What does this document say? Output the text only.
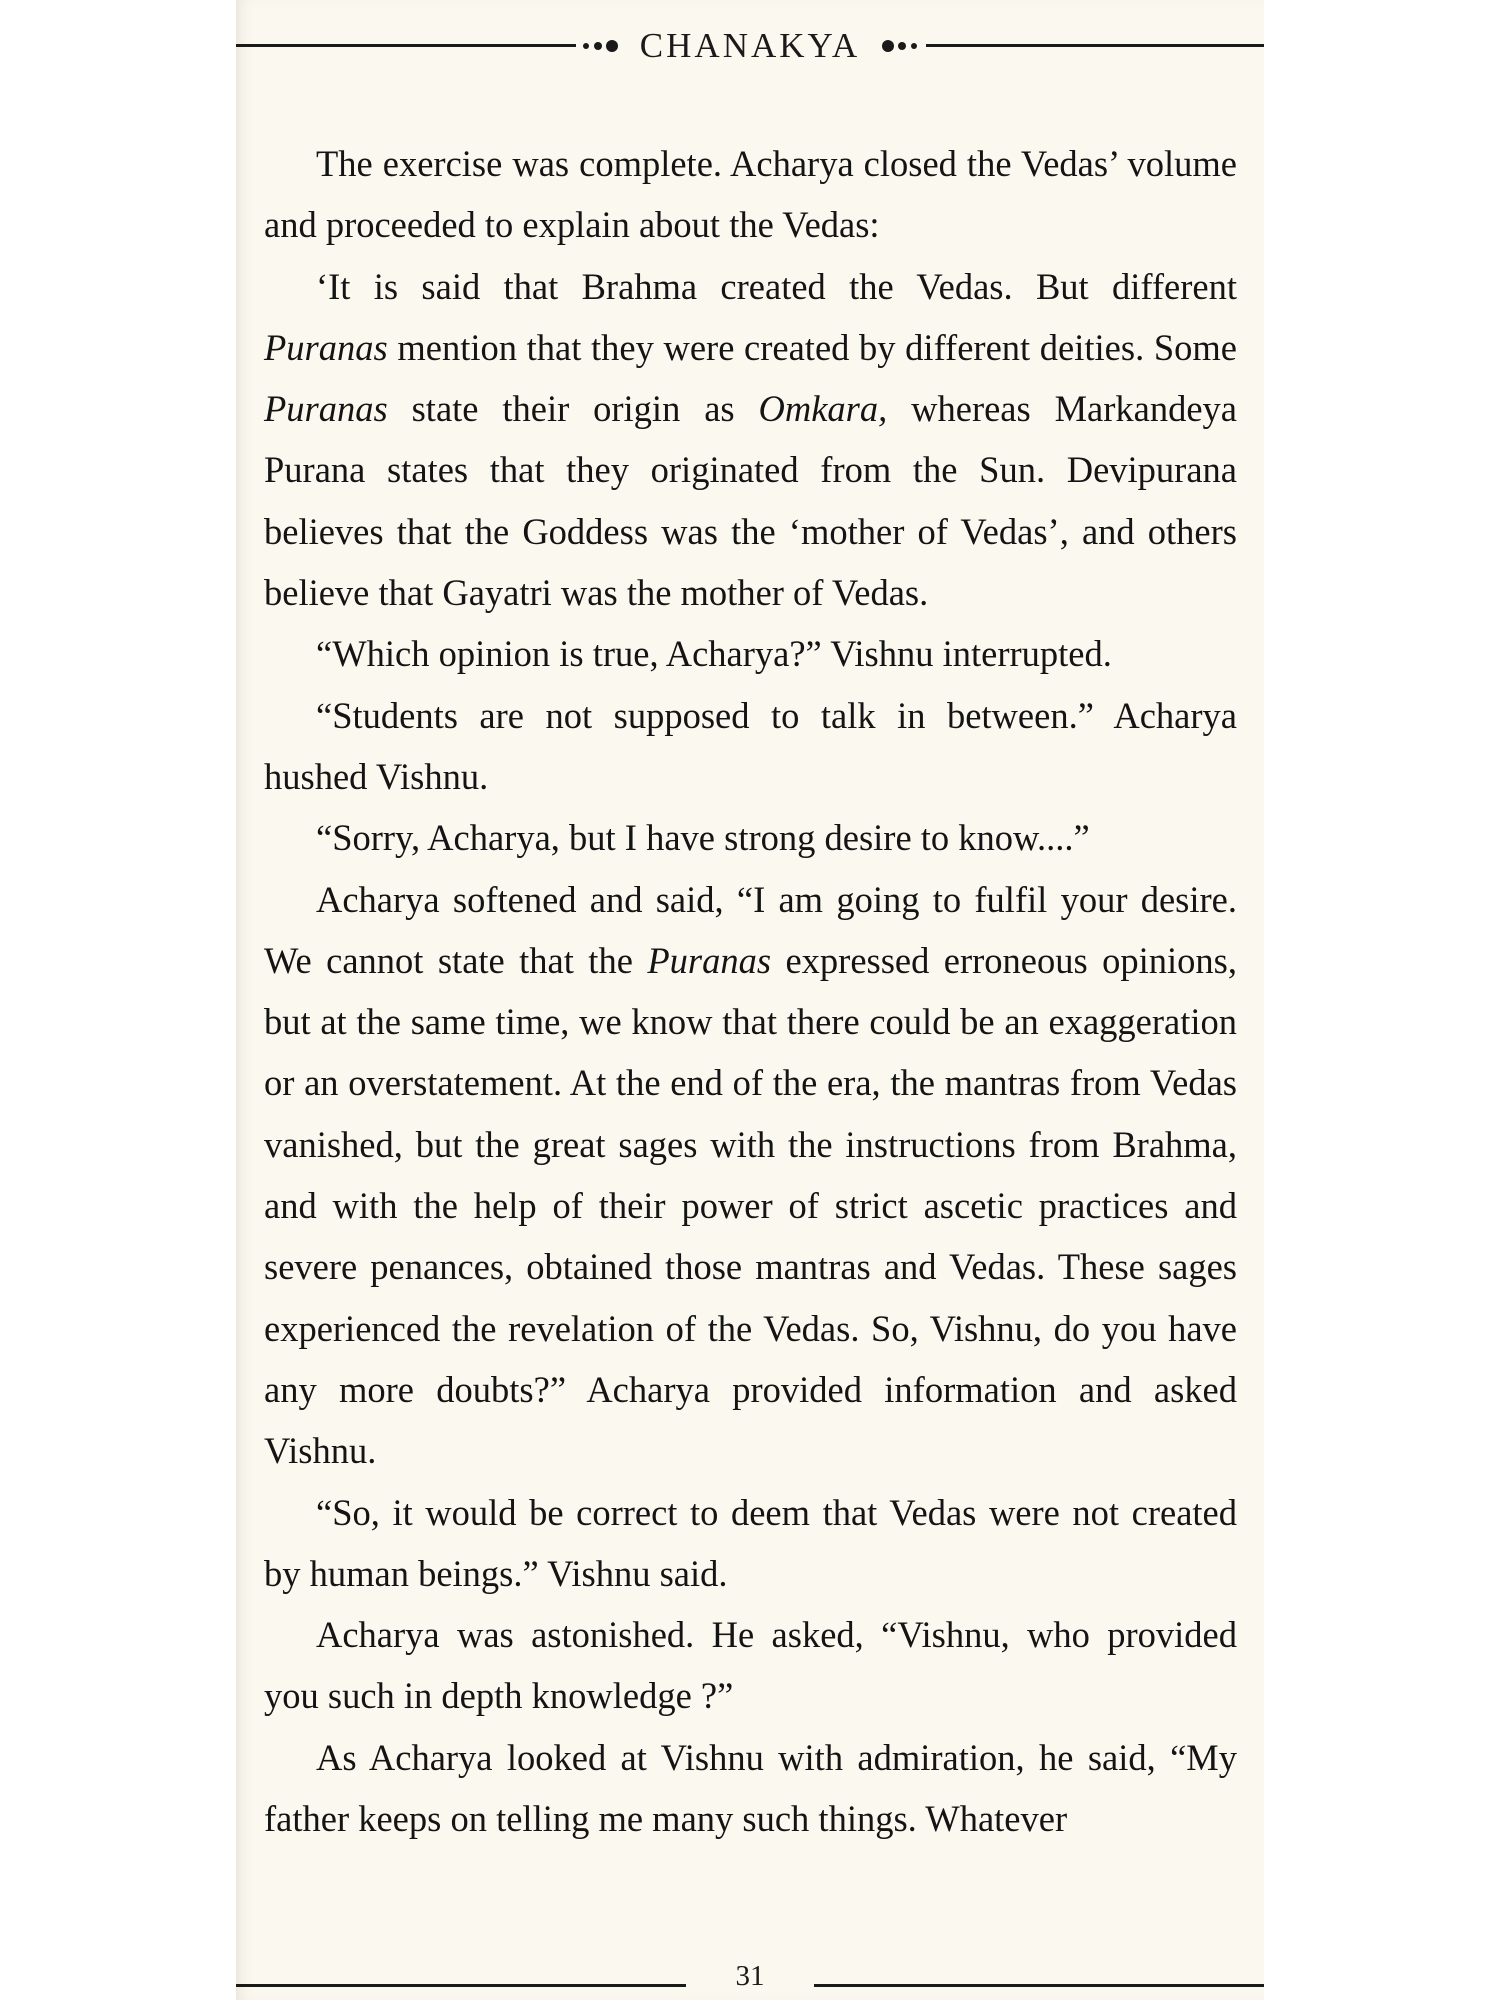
CHANAKYA

The exercise was complete. Acharya closed the Vedas’ volume and proceeded to explain about the Vedas:

‘It is said that Brahma created the Vedas. But different Puranas mention that they were created by different deities. Some Puranas state their origin as Omkara, whereas Markandeya Purana states that they originated from the Sun. Devipurana believes that the Goddess was the ‘mother of Vedas’, and others believe that Gayatri was the mother of Vedas.

“Which opinion is true, Acharya?” Vishnu interrupted.

“Students are not supposed to talk in between.” Acharya hushed Vishnu.

“Sorry, Acharya, but I have strong desire to know....”

Acharya softened and said, “I am going to fulfil your desire. We cannot state that the Puranas expressed erroneous opinions, but at the same time, we know that there could be an exaggeration or an overstatement. At the end of the era, the mantras from Vedas vanished, but the great sages with the instructions from Brahma, and with the help of their power of strict ascetic practices and severe penances, obtained those mantras and Vedas. These sages experienced the revelation of the Vedas. So, Vishnu, do you have any more doubts?” Acharya provided information and asked Vishnu.

“So, it would be correct to deem that Vedas were not created by human beings.” Vishnu said.

Acharya was astonished. He asked, “Vishnu, who provided you such in depth knowledge ?”

As Acharya looked at Vishnu with admiration, he said, “My father keeps on telling me many such things. Whatever

31
